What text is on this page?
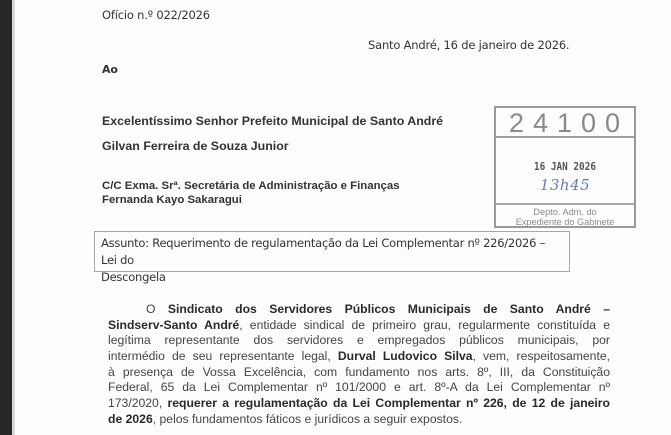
Ofício n.º 022/2026
Santo André, 16 de janeiro de 2026.
Ao
Excelentíssimo Senhor Prefeito Municipal de Santo André
Gilvan Ferreira de Souza Junior
C/C Exma. Srª. Secretária de Administração e Finanças
Fernanda Kayo Sakaragui
24100
16 JAN 2026
13h45
Depto. Adm. do
Expediente do Gabinete
Assunto: Requerimento de regulamentação da Lei Complementar nº 226/2026 – Lei do
Descongela
O Sindicato dos Servidores Públicos Municipais de Santo André –
Sindserv-Santo André, entidade sindical de primeiro grau, regularmente constituída e
legítima representante dos servidores e empregados públicos municipais, por
intermédio de seu representante legal, Durval Ludovico Silva, vem, respeitosamente,
à presença de Vossa Excelência, com fundamento nos arts. 8º, III, da Constituição
Federal, 65 da Lei Complementar nº 101/2000 e art. 8º-A da Lei Complementar nº
173/2020, requerer a regulamentação da Lei Complementar nº 226, de 12 de janeiro
de 2026, pelos fundamentos fáticos e jurídicos a seguir expostos.
